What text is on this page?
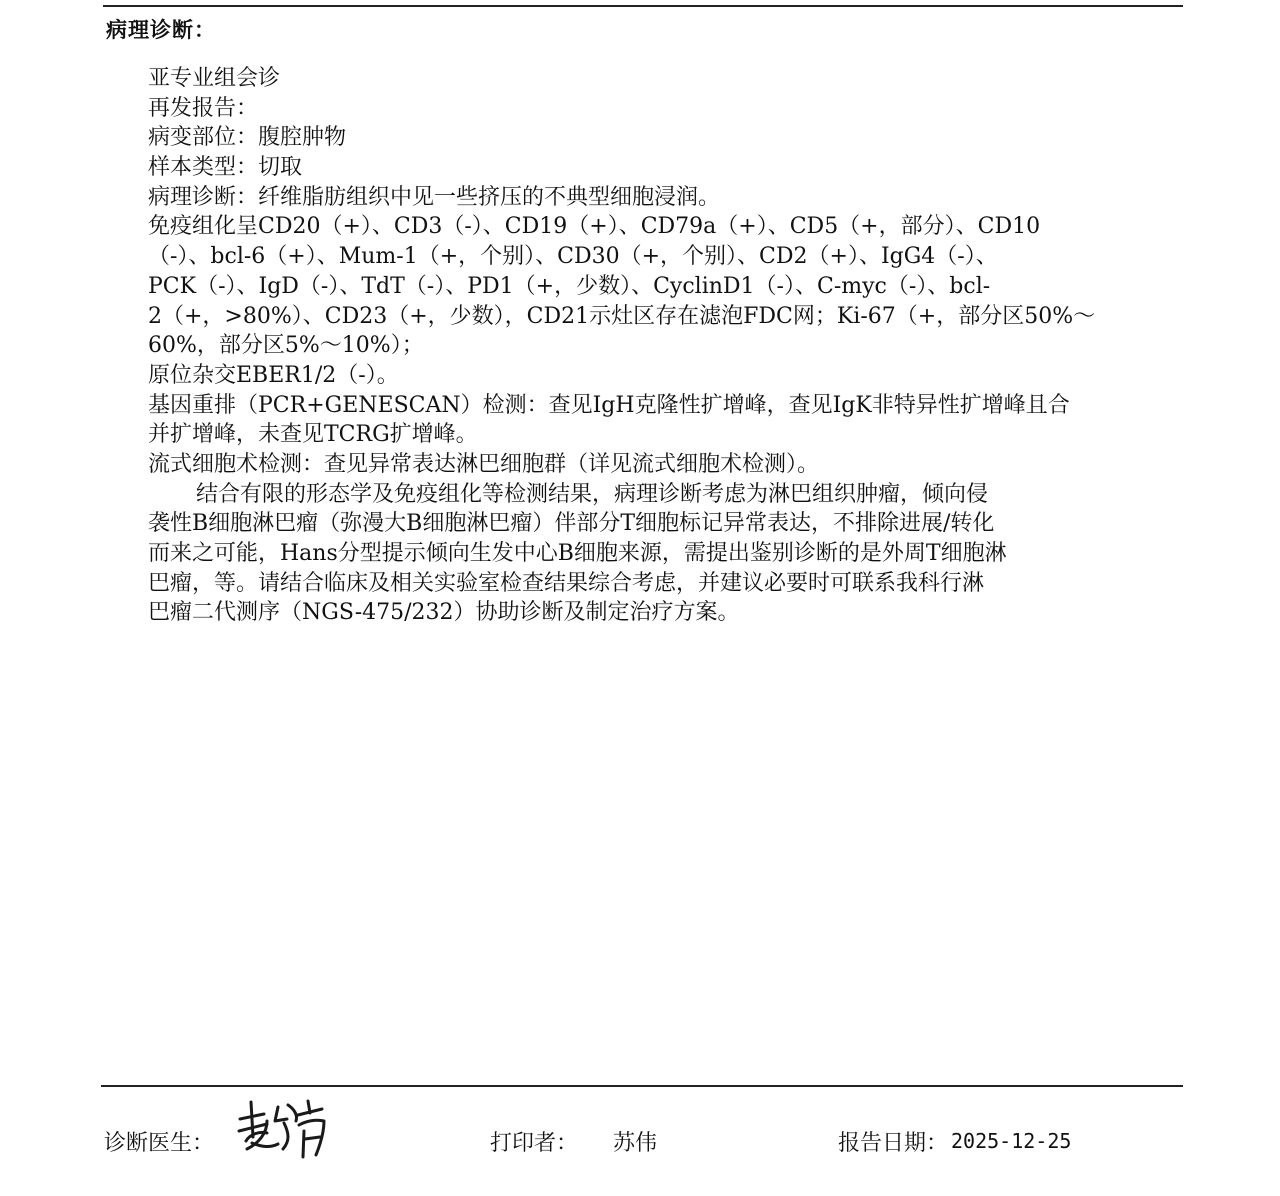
病理诊断：
亚专业组会诊
再发报告：
病变部位：腹腔肿物
样本类型：切取
病理诊断：纤维脂肪组织中见一些挤压的不典型细胞浸润。
免疫组化呈CD20（+）、CD3（-）、CD19（+）、CD79a（+）、CD5（+，部分）、CD10
（-）、bcl-6（+）、Mum-1（+，个别）、CD30（+，个别）、CD2（+）、IgG4（-）、
PCK（-）、IgD（-）、TdT（-）、PD1（+，少数）、CyclinD1（-）、C-myc（-）、bcl-
2（+，>80%）、CD23（+，少数），CD21示灶区存在滤泡FDC网；Ki-67（+，部分区50%～
60%，部分区5%～10%）；
原位杂交EBER1/2（-）。
基因重排（PCR+GENESCAN）检测：查见IgH克隆性扩增峰，查见IgK非特异性扩增峰且合
并扩增峰，未查见TCRG扩增峰。
流式细胞术检测：查见异常表达淋巴细胞群（详见流式细胞术检测）。
结合有限的形态学及免疫组化等检测结果，病理诊断考虑为淋巴组织肿瘤，倾向侵
袭性B细胞淋巴瘤（弥漫大B细胞淋巴瘤）伴部分T细胞标记异常表达，不排除进展/转化
而来之可能，Hans分型提示倾向生发中心B细胞来源，需提出鉴别诊断的是外周T细胞淋
巴瘤，等。请结合临床及相关实验室检查结果综合考虑，并建议必要时可联系我科行淋
巴瘤二代测序（NGS-475/232）协助诊断及制定治疗方案。
诊断医生：	打印者： 苏伟	报告日期： 2025-12-25
